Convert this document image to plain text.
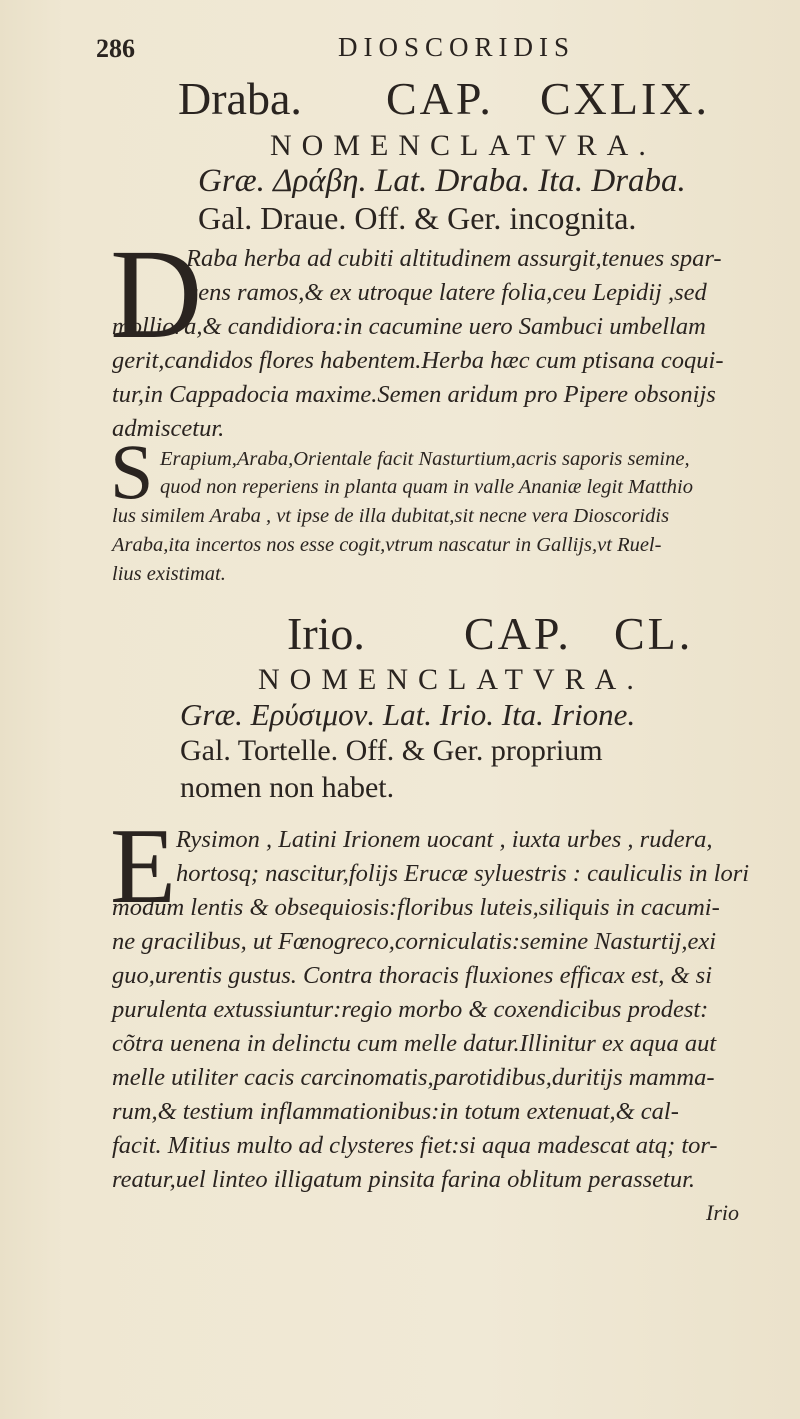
286	DIOSCORIDIS
Draba. CAP. CXLIX.
NOMENCLATVRA.
Græ. Δράβη. Lat. Draba. Ita. Draba.
Gal. Draue. Off. & Ger. incognita.
D
Raba herba ad cubiti altitudinem assurgit,tenues spar-
gens ramos,& ex utroque latere folia,ceu Lepidij ,sed
molliora,& candidiora:in cacumine uero Sambuci umbellam
gerit,candidos flores habentem.Herba hæc cum ptisana coqui-
tur,in Cappadocia maxime.Semen aridum pro Pipere obsonijs
admiscetur.
S Erapium,Araba,Orientale facit Nasturtium,acris saporis semine,
quod non reperiens in planta quam in valle Ananiæ legit Matthio
lus similem Araba , vt ipse de illa dubitat,sit necne vera Dioscoridis
Araba,ita incertos nos esse cogit,vtrum nascatur in Gallijs,vt Ruel-
lius existimat.
Irio. CAP. CL.
NOMENCLATVRA.
Græ. Ερύσιμον. Lat. Irio. Ita. Irione.
Gal. Tortelle. Off. & Ger. proprium
nomen non habet.
E Rysimon , Latini Irionem uocant , iuxta urbes , rudera,
hortosq; nascitur,folijs Erucæ syluestris : cauliculis in lori
modum lentis & obsequiosis:floribus luteis,siliquis in cacumi-
ne gracilibus, ut Fœnogreco,corniculatis:semine Nasturtij,exi
guo,urentis gustus. Contra thoracis fluxiones efficax est, & si
purulenta extussiuntur:regio morbo & coxendicibus prodest:
cõtra uenena in delinctu cum melle datur.Illinitur ex aqua aut
melle utiliter cacis carcinomatis,parotidibus,duritijs mamma-
rum,& testium inflammationibus:in totum extenuat,& cal-
facit. Mitius multo ad clysteres fiet:si aqua madescat atq; tor-
reatur,uel linteo illigatum pinsita farina oblitum perassetur.
Irio
